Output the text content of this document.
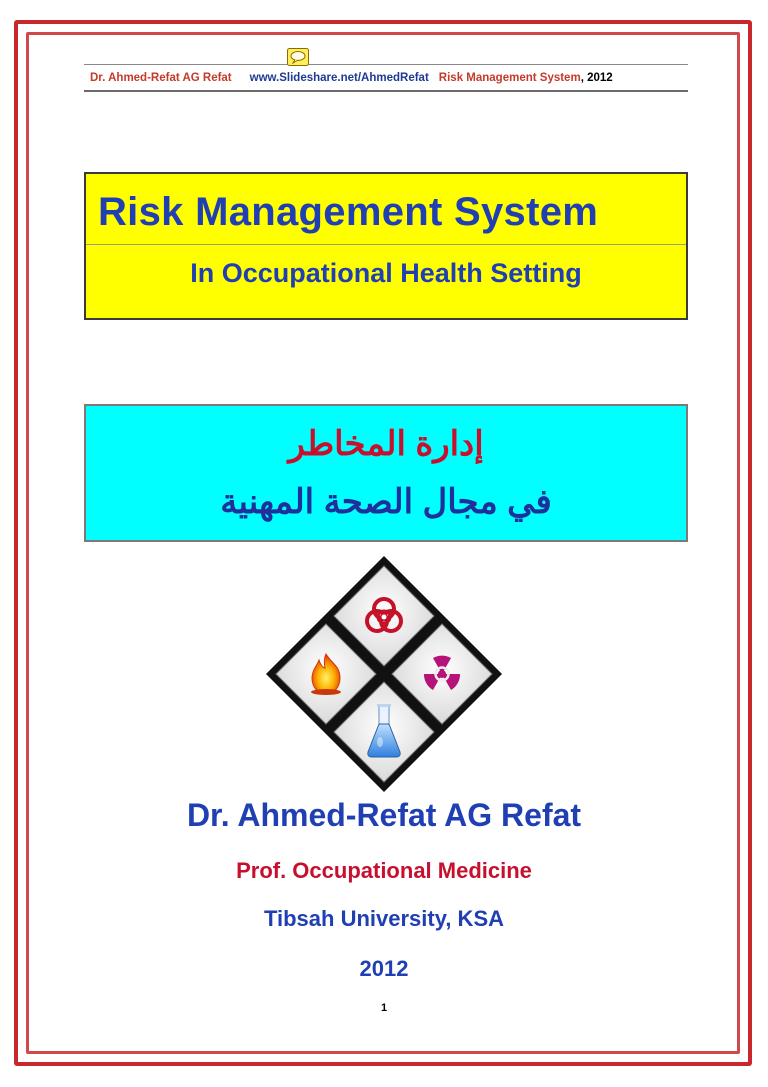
Dr. Ahmed-Refat AG Refat www.Slideshare.net/AhmedRefat Risk Management System, 2012
Risk Management System
In Occupational Health Setting
إدارة المخاطر
في مجال الصحة المهنية
Dr. Ahmed-Refat AG Refat
Prof. Occupational Medicine
Tibsah University, KSA
2012
1
